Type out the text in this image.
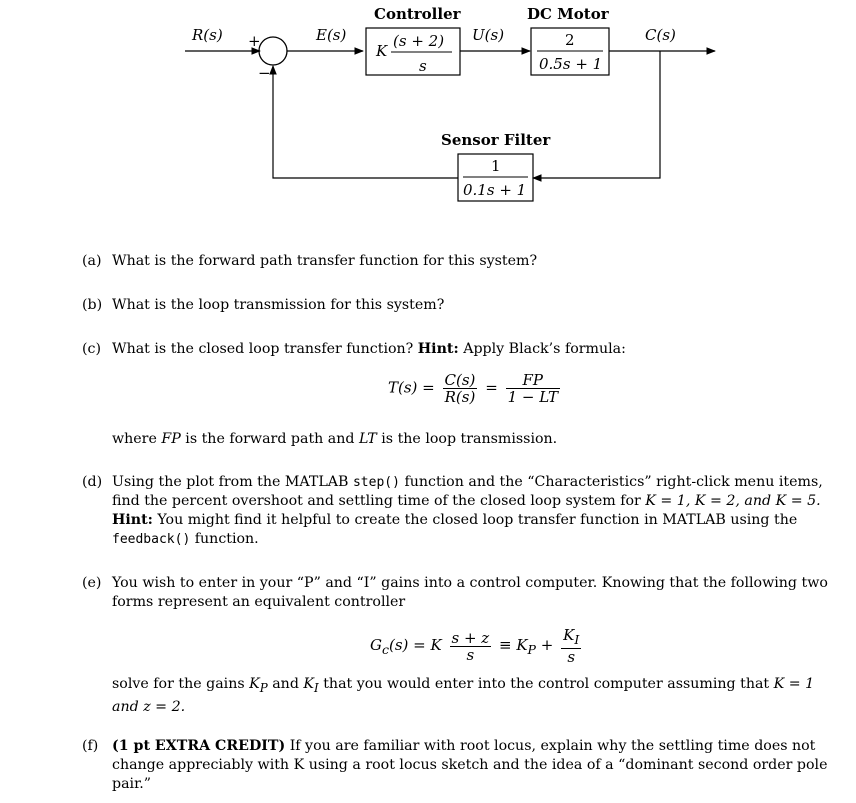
R(s) +
−
E(s)
Controller
K
(s + 2)
s
U(s)
DC Motor
2
0.5s + 1
C(s)
Sensor Filter
1
0.1s + 1
(a) What is the forward path transfer function for this system?
(b) What is the loop transmission for this system?
(c) What is the closed loop transfer function? Hint: Apply Black’s formula:
$T(s) = \frac{C(s)}{R(s)} = \frac{FP}{1 - LT}$
where FP is the forward path and LT is the loop transmission.
(d) Using the plot from the MATLAB step() function and the “Characteristics” right-click menu items, find the percent overshoot and settling time of the closed loop system for K = 1, K = 2, and K = 5. Hint: You might find it helpful to create the closed loop transfer function in MATLAB using the feedback() function.
(e) You wish to enter in your “P” and “I” gains into a control computer. Knowing that the following two forms represent an equivalent controller
$G_c(s) = K \frac{s + z}{s} \equiv K_P + \frac{K_I}{s}$
solve for the gains $K_P$ and $K_I$ that you would enter into the control computer assuming that K = 1 and z = 2.
(f) (1 pt EXTRA CREDIT) If you are familiar with root locus, explain why the settling time does not change appreciably with K using a root locus sketch and the idea of a “dominant second order pole pair.”
